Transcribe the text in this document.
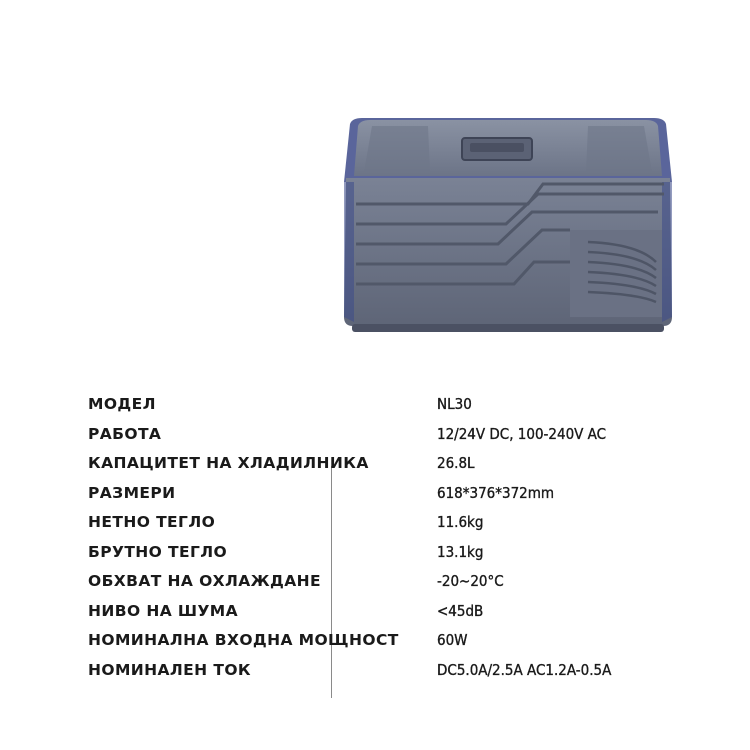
МОДЕЛ	NL30
РАБОТА	12/24V DC, 100-240V AC
КАПАЦИТЕТ НА ХЛАДИЛНИКА	26.8L
РАЗМЕРИ	618*376*372mm
НЕТНО ТЕГЛО	11.6kg
БРУТНО ТЕГЛО	13.1kg
ОБХВАТ НА ОХЛАЖДАНЕ	-20~20°C
НИВО НА ШУМА	<45dB
НОМИНАЛНА ВХОДНА МОЩНОСТ	60W
НОМИНАЛЕН ТОК	DC5.0A/2.5A AC1.2A-0.5A
